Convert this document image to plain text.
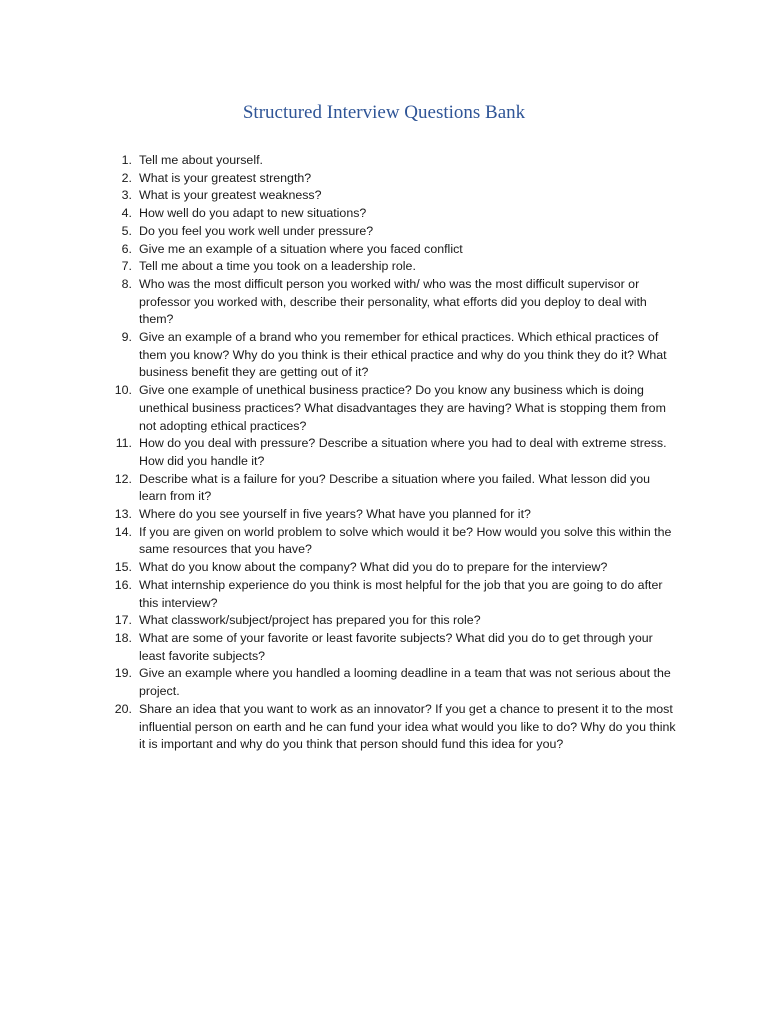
Structured Interview Questions Bank
1. Tell me about yourself.
2. What is your greatest strength?
3. What is your greatest weakness?
4. How well do you adapt to new situations?
5. Do you feel you work well under pressure?
6. Give me an example of a situation where you faced conflict
7. Tell me about a time you took on a leadership role.
8. Who was the most difficult person you worked with/ who was the most difficult supervisor or professor you worked with, describe their personality, what efforts did you deploy to deal with them?
9. Give an example of a brand who you remember for ethical practices. Which ethical practices of them you know? Why do you think is their ethical practice and why do you think they do it? What business benefit they are getting out of it?
10. Give one example of unethical business practice? Do you know any business which is doing unethical business practices? What disadvantages they are having? What is stopping them from not adopting ethical practices?
11. How do you deal with pressure? Describe a situation where you had to deal with extreme stress. How did you handle it?
12. Describe what is a failure for you? Describe a situation where you failed. What lesson did you learn from it?
13. Where do you see yourself in five years? What have you planned for it?
14. If you are given on world problem to solve which would it be? How would you solve this within the same resources that you have?
15. What do you know about the company? What did you do to prepare for the interview?
16. What internship experience do you think is most helpful for the job that you are going to do after this interview?
17. What classwork/subject/project has prepared you for this role?
18. What are some of your favorite or least favorite subjects? What did you do to get through your least favorite subjects?
19. Give an example where you handled a looming deadline in a team that was not serious about the project.
20. Share an idea that you want to work as an innovator? If you get a chance to present it to the most influential person on earth and he can fund your idea what would you like to do? Why do you think it is important and why do you think that person should fund this idea for you?
